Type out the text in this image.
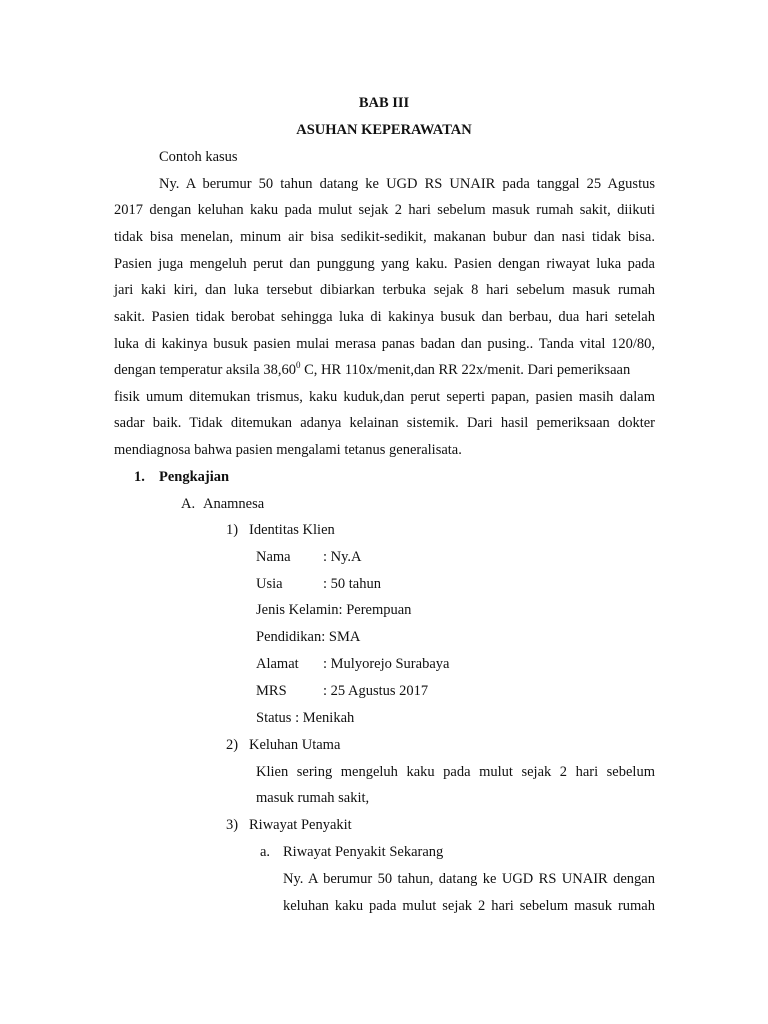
BAB III
ASUHAN KEPERAWATAN
Contoh kasus
Ny. A berumur 50 tahun datang ke UGD RS UNAIR pada tanggal 25 Agustus
2017 dengan keluhan kaku pada mulut sejak 2 hari sebelum masuk rumah sakit, diikuti
tidak bisa menelan, minum air bisa sedikit-sedikit, makanan bubur dan nasi tidak bisa.
Pasien juga mengeluh perut dan punggung yang kaku. Pasien dengan riwayat luka pada
jari kaki kiri, dan luka tersebut dibiarkan terbuka sejak 8 hari sebelum masuk rumah
sakit. Pasien tidak berobat sehingga luka di kakinya busuk dan berbau, dua hari setelah
luka di kakinya busuk pasien mulai merasa panas badan dan pusing.. Tanda vital 120/80,
dengan temperatur aksila 38,60$^0$ C, HR 110x/menit,dan RR 22x/menit. Dari pemeriksaan
fisik umum ditemukan trismus, kaku kuduk,dan perut seperti papan, pasien masih dalam
sadar baik. Tidak ditemukan adanya kelainan sistemik. Dari hasil pemeriksaan dokter
mendiagnosa bahwa pasien mengalami tetanus generalisata.
1. Pengkajian
A. Anamnesa
1) Identitas Klien
Nama : Ny.A
Usia	: 50 tahun
Jenis Kelamin: Perempuan
Pendidikan: SMA
Alamat : Mulyorejo Surabaya
MRS	: 25 Agustus 2017
Status : Menikah
2) Keluhan Utama
Klien sering mengeluh kaku pada mulut sejak 2 hari sebelum
masuk rumah sakit,
3) Riwayat Penyakit
a. Riwayat Penyakit Sekarang
Ny. A berumur 50 tahun, datang ke UGD RS UNAIR dengan
keluhan kaku pada mulut sejak 2 hari sebelum masuk rumah
